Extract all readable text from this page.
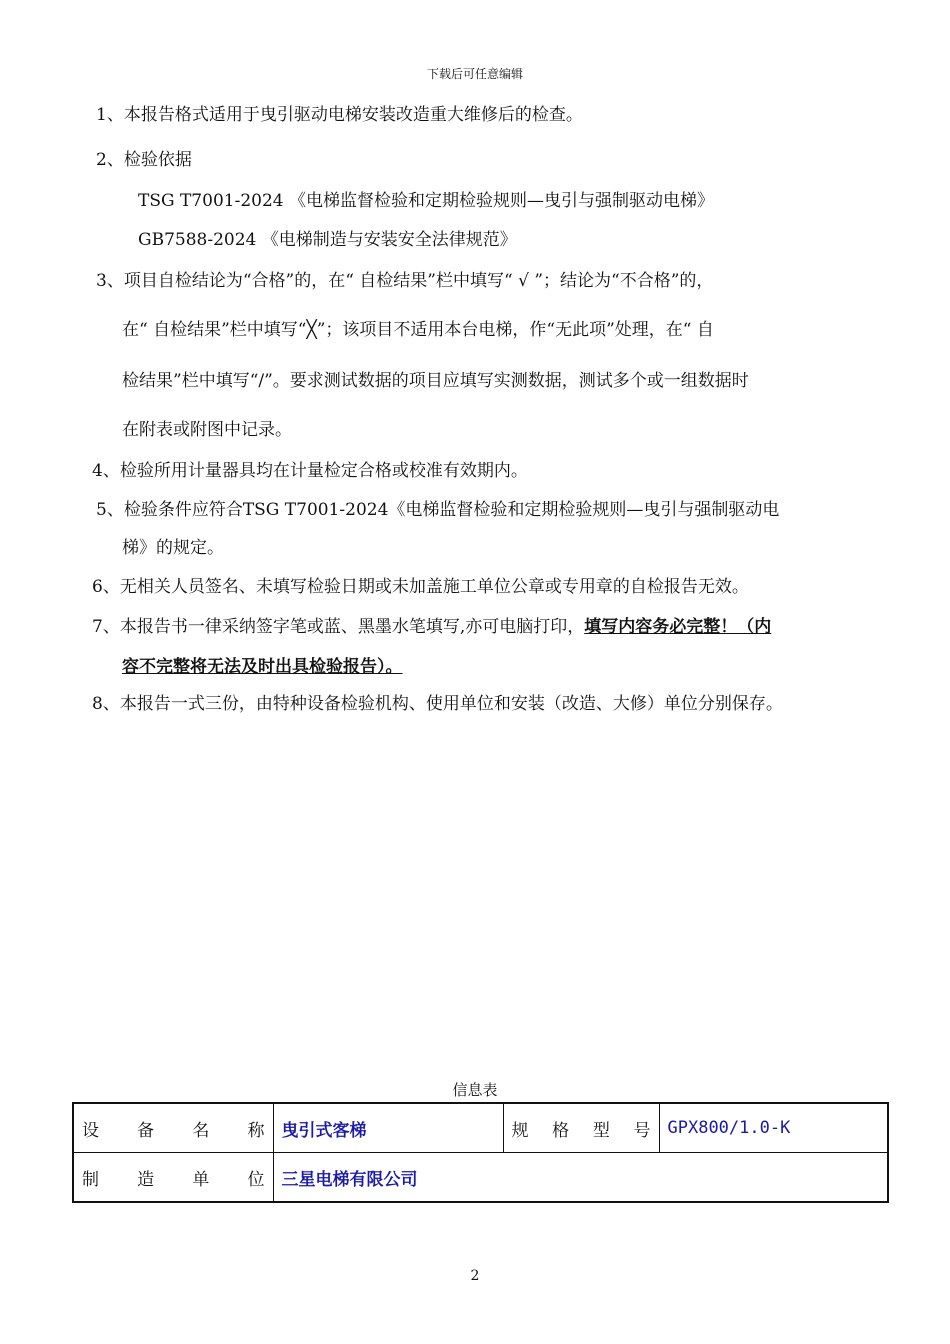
下载后可任意编辑
1、本报告格式适用于曳引驱动电梯安装改造重大维修后的检查。
2、检验依据
TSG T7001-2024 《电梯监督检验和定期检验规则—曳引与强制驱动电梯》
GB7588-2024 《电梯制造与安装安全法律规范》
3、项目自检结论为“合格”的，在“ 自检结果”栏中填写“ √ ”；结论为“不合格”的，
在“ 自检结果”栏中填写“╳”；该项目不适用本台电梯，作“无此项”处理，在“ 自
检结果”栏中填写“/”。要求测试数据的项目应填写实测数据，测试多个或一组数据时
在附表或附图中记录。
4、检验所用计量器具均在计量检定合格或校准有效期内。
5、检验条件应符合TSG T7001-2024《电梯监督检验和定期检验规则—曳引与强制驱动电
梯》的规定。
6、无相关人员签名、未填写检验日期或未加盖施工单位公章或专用章的自检报告无效。
7、本报告书一律采纳签字笔或蓝、黑墨水笔填写,亦可电脑打印，填写内容务必完整！（内
容不完整将无法及时出具检验报告）。
8、本报告一式三份，由特种设备检验机构、使用单位和安装（改造、大修）单位分别保存。
信息表
设 备 名 称	曳引式客梯	规 格 型 号	GPX800/1.0-K

制 造 单 位	三星电梯有限公司		
2
